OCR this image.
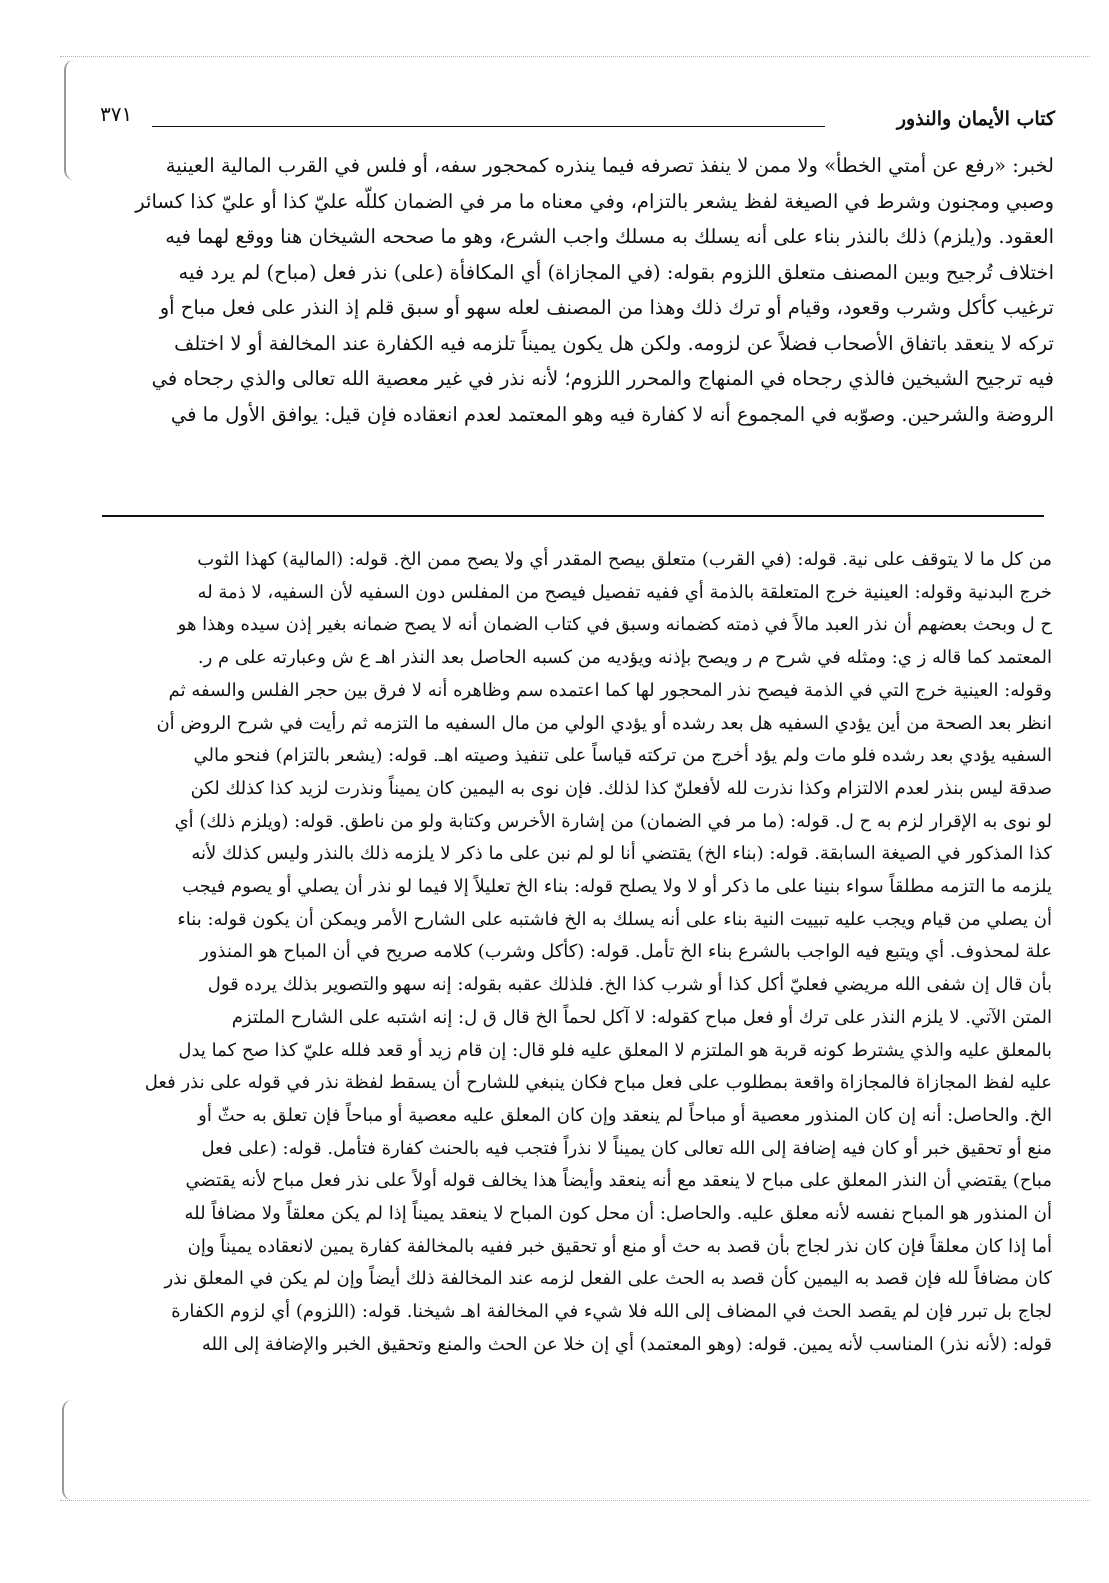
كتاب الأيمان والنذور
٣٧١
لخبر: «رفع عن أمتي الخطأ» ولا ممن لا ينفذ تصرفه فيما ينذره كمحجور سفه، أو فلس في القرب المالية العينية
وصبي ومجنون وشرط في الصيغة لفظ يشعر بالتزام، وفي معناه ما مر في الضمان كللّه عليّ كذا أو عليّ كذا كسائر
العقود. و(يلزم) ذلك بالنذر بناء على أنه يسلك به مسلك واجب الشرع، وهو ما صححه الشيخان هنا ووقع لهما فيه
اختلاف تُرجيح وبين المصنف متعلق اللزوم بقوله: (في المجازاة) أي المكافأة (على) نذر فعل (مباح) لم يرد فيه
ترغيب كأكل وشرب وقعود، وقيام أو ترك ذلك وهذا من المصنف لعله سهو أو سبق قلم إذ النذر على فعل مباح أو
تركه لا ينعقد باتفاق الأصحاب فضلاً عن لزومه. ولكن هل يكون يميناً تلزمه فيه الكفارة عند المخالفة أو لا اختلف
فيه ترجيح الشيخين فالذي رجحاه في المنهاج والمحرر اللزوم؛ لأنه نذر في غير معصية الله تعالى والذي رجحاه في
الروضة والشرحين. وصوّبه في المجموع أنه لا كفارة فيه وهو المعتمد لعدم انعقاده فإن قيل: يوافق الأول ما في
من كل ما لا يتوقف على نية. قوله: (في القرب) متعلق بيصح المقدر أي ولا يصح ممن الخ. قوله: (المالية) كهذا الثوب
خرج البدنية وقوله: العينية خرج المتعلقة بالذمة أي ففيه تفصيل فيصح من المفلس دون السفيه لأن السفيه، لا ذمة له
ح ل وبحث بعضهم أن نذر العبد مالاً في ذمته كضمانه وسبق في كتاب الضمان أنه لا يصح ضمانه بغير إذن سيده وهذا هو
المعتمد كما قاله ز ي: ومثله في شرح م ر ويصح بإذنه ويؤديه من كسبه الحاصل بعد النذر اهـ ع ش وعبارته على م ر.
وقوله: العينية خرج التي في الذمة فيصح نذر المحجور لها كما اعتمده سم وظاهره أنه لا فرق بين حجر الفلس والسفه ثم
انظر بعد الصحة من أين يؤدي السفيه هل بعد رشده أو يؤدي الولي من مال السفيه ما التزمه ثم رأيت في شرح الروض أن
السفيه يؤدي بعد رشده فلو مات ولم يؤد أخرج من تركته قياساً على تنفيذ وصيته اهـ. قوله: (يشعر بالتزام) فنحو مالي
صدقة ليس بنذر لعدم الالتزام وكذا نذرت لله لأفعلنّ كذا لذلك. فإن نوى به اليمين كان يميناً ونذرت لزيد كذا كذلك لكن
لو نوى به الإقرار لزم به ح ل. قوله: (ما مر في الضمان) من إشارة الأخرس وكتابة ولو من ناطق. قوله: (ويلزم ذلك) أي
كذا المذكور في الصيغة السابقة. قوله: (بناء الخ) يقتضي أنا لو لم نبن على ما ذكر لا يلزمه ذلك بالنذر وليس كذلك لأنه
يلزمه ما التزمه مطلقاً سواء بنينا على ما ذكر أو لا ولا يصلح قوله: بناء الخ تعليلاً إلا فيما لو نذر أن يصلي أو يصوم فيجب
أن يصلي من قيام ويجب عليه تبييت النية بناء على أنه يسلك به الخ فاشتبه على الشارح الأمر ويمكن أن يكون قوله: بناء
علة لمحذوف. أي ويتبع فيه الواجب بالشرع بناء الخ تأمل. قوله: (كأكل وشرب) كلامه صريح في أن المباح هو المنذور
بأن قال إن شفى الله مريضي فعليّ أكل كذا أو شرب كذا الخ. فلذلك عقبه بقوله: إنه سهو والتصوير بذلك يرده قول
المتن الآتي. لا يلزم النذر على ترك أو فعل مباح كقوله: لا آكل لحماً الخ قال ق ل: إنه اشتبه على الشارح الملتزم
بالمعلق عليه والذي يشترط كونه قربة هو الملتزم لا المعلق عليه فلو قال: إن قام زيد أو قعد فلله عليّ كذا صح كما يدل
عليه لفظ المجازاة فالمجازاة واقعة بمطلوب على فعل مباح فكان ينبغي للشارح أن يسقط لفظة نذر في قوله على نذر فعل
الخ. والحاصل: أنه إن كان المنذور معصية أو مباحاً لم ينعقد وإن كان المعلق عليه معصية أو مباحاً فإن تعلق به حثّ أو
منع أو تحقيق خبر أو كان فيه إضافة إلى الله تعالى كان يميناً لا نذراً فتجب فيه بالحنث كفارة فتأمل. قوله: (على فعل
مباح) يقتضي أن النذر المعلق على مباح لا ينعقد مع أنه ينعقد وأيضاً هذا يخالف قوله أولاً على نذر فعل مباح لأنه يقتضي
أن المنذور هو المباح نفسه لأنه معلق عليه. والحاصل: أن محل كون المباح لا ينعقد يميناً إذا لم يكن معلقاً ولا مضافاً لله
أما إذا كان معلقاً فإن كان نذر لجاج بأن قصد به حث أو منع أو تحقيق خبر ففيه بالمخالفة كفارة يمين لانعقاده يميناً وإن
كان مضافاً لله فإن قصد به اليمين كأن قصد به الحث على الفعل لزمه عند المخالفة ذلك أيضاً وإن لم يكن في المعلق نذر
لجاج بل تبرر فإن لم يقصد الحث في المضاف إلى الله فلا شيء في المخالفة اهـ شيخنا. قوله: (اللزوم) أي لزوم الكفارة
قوله: (لأنه نذر) المناسب لأنه يمين. قوله: (وهو المعتمد) أي إن خلا عن الحث والمنع وتحقيق الخبر والإضافة إلى الله
